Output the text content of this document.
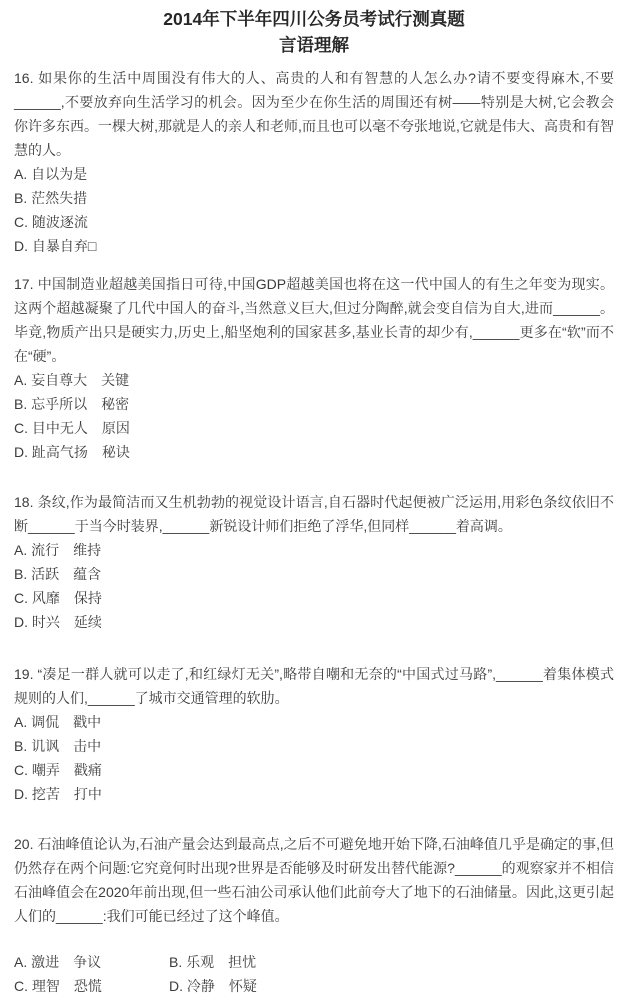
2014年下半年四川公务员考试行测真题
言语理解

16. 如果你的生活中周围没有伟大的人、高贵的人和有智慧的人怎么办?请不要变得麻木,不要______,不要放弃向生活学习的机会。因为至少在你生活的周围还有树——特别是大树,它会教会你许多东西。一棵大树,那就是人的亲人和老师,而且也可以毫不夸张地说,它就是伟大、高贵和有智慧的人。

A. 自以为是
B. 茫然失措
C. 随波逐流
D. 自暴自弃□

17. 中国制造业超越美国指日可待,中国GDP超越美国也将在这一代中国人的有生之年变为现实。这两个超越凝聚了几代中国人的奋斗,当然意义巨大,但过分陶醉,就会变自信为自大,进而______。毕竟,物质产出只是硬实力,历史上,船坚炮利的国家甚多,基业长青的却少有,______更多在“软”而不在“硬”。

A. 妄自尊大　关键
B. 忘乎所以　秘密
C. 目中无人　原因
D. 趾高气扬　秘诀

18. 条纹,作为最简洁而又生机勃勃的视觉设计语言,自石器时代起便被广泛运用,用彩色条纹依旧不断______于当今时装界,______新锐设计师们拒绝了浮华,但同样______着高调。

A. 流行　维持
B. 活跃　蕴含
C. 风靡　保持
D. 时兴　延续

19. “凑足一群人就可以走了,和红绿灯无关”,略带自嘲和无奈的“中国式过马路”,______着集体模式规则的人们,______了城市交通管理的软肋。

A. 调侃　戳中
B. 讥讽　击中
C. 嘲弄　戳痛
D. 挖苦　打中

20. 石油峰值论认为,石油产量会达到最高点,之后不可避免地开始下降,石油峰值几乎是确定的事,但仍然存在两个问题:它究竟何时出现?世界是否能够及时研发出替代能源?______的观察家并不相信石油峰值会在2020年前出现,但一些石油公司承认他们此前夸大了地下的石油储量。因此,这更引起人们的______:我们可能已经过了这个峰值。

A. 激进　争议	B. 乐观　担忧
C. 理智　恐慌	D. 冷静　怀疑
